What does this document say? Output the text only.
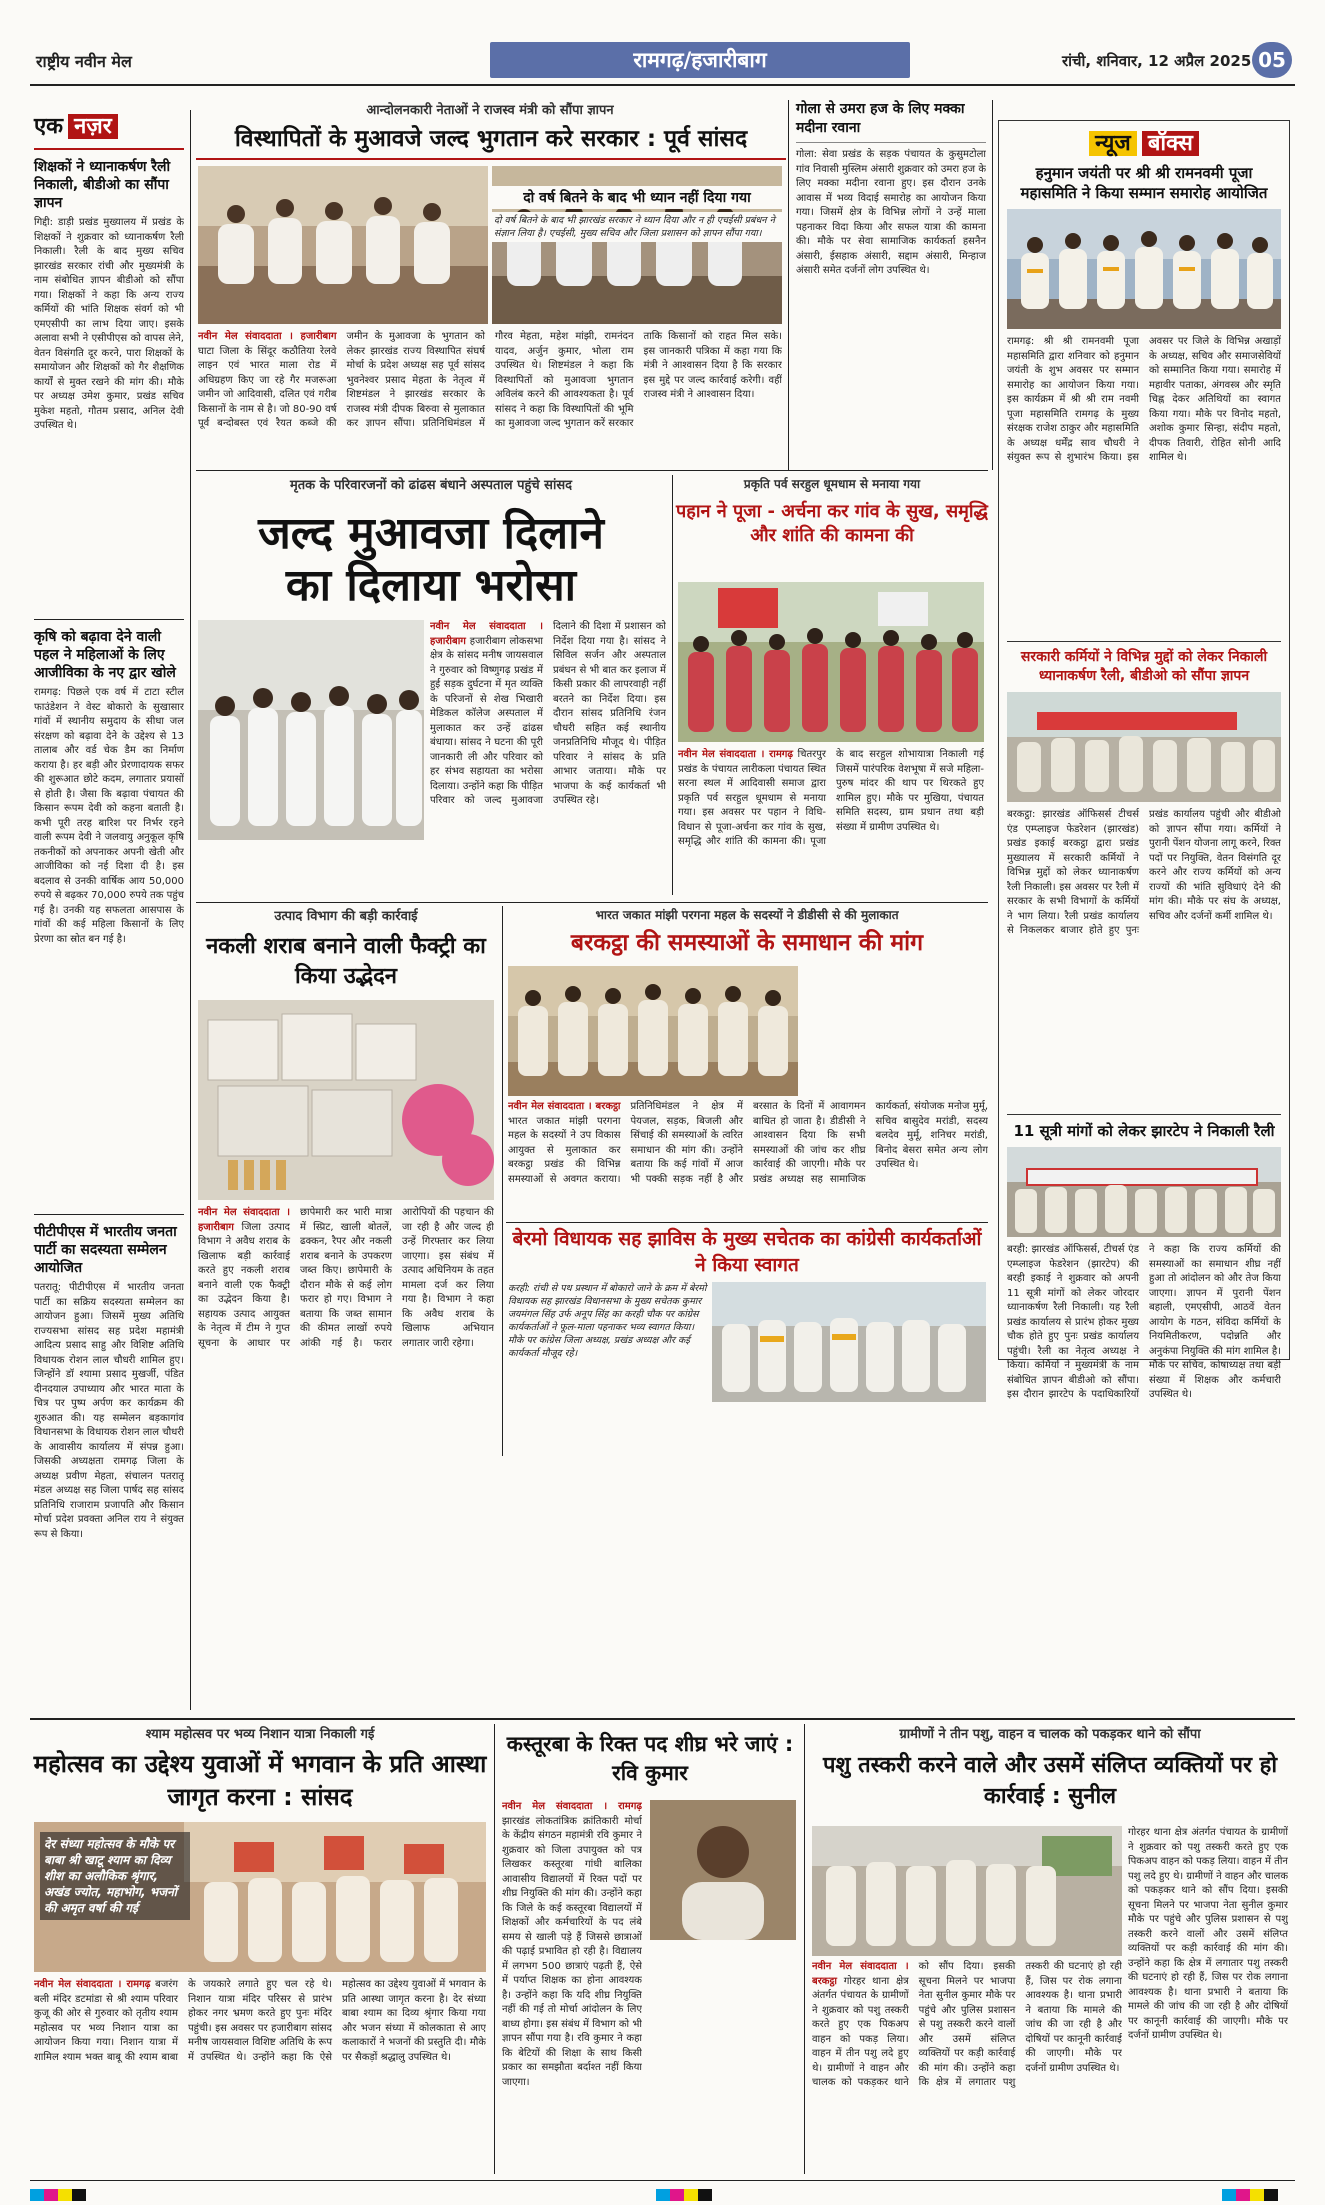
राष्ट्रीय नवीन मेल	रामगढ़/हजारीबाग	रांची, शनिवार, 12 अप्रैल 2025 05
एक नज़र
शिक्षकों ने ध्यानाकर्षण रैली निकाली, बीडीओ का सौंपा ज्ञापन
गिद्दी: डाड़ी प्रखंड मुख्यालय में प्रखंड के शिक्षकों ने शुक्रवार को ध्यानाकर्षण रैली निकाली। रैली के बाद मुख्य सचिव झारखंड सरकार रांची और मुख्यमंत्री के नाम संबोधित ज्ञापन बीडीओ को सौंपा गया। शिक्षकों ने कहा कि अन्य राज्य कर्मियों की भांति शिक्षक संवर्ग को भी एमएसीपी का लाभ दिया जाए। इसके अलावा सभी ने एसीपीएस को वापस लेने, वेतन विसंगति दूर करने, पारा शिक्षकों के समायोजन और शिक्षकों को गैर शैक्षणिक कार्यों से मुक्त रखने की मांग की। मौके पर अध्यक्ष उमेश कुमार, प्रखंड सचिव मुकेश महतो, गौतम प्रसाद, अनिल देवी उपस्थित थे।
कृषि को बढ़ावा देने वाली पहल ने महिलाओं के लिए आजीविका के नए द्वार खोले
रामगढ़: पिछले एक वर्ष में टाटा स्टील फाउंडेशन ने वेस्ट बोकारो के सुखासार गांवों में स्थानीय समुदाय के सीधा जल संरक्षण को बढ़ावा देने के उद्देश्य से 13 तालाब और वर्ड चेक डैम का निर्माण कराया है। हर बड़ी और प्रेरणादायक सफर की शुरूआत छोटे कदम, लगातार प्रयासों से होती है। जैसा कि बढ़ावा पंचायत की किसान रूपम देवी को कहना बताती है। कभी पूरी तरह बारिश पर निर्भर रहने वाली रूपम देवी ने जलवायु अनुकूल कृषि तकनीकों को अपनाकर अपनी खेती और आजीविका को नई दिशा दी है। इस बदलाव से उनकी वार्षिक आय 50,000 रुपये से बढ़कर 70,000 रुपये तक पहुंच गई है। उनकी यह सफलता आसपास के गांवों की कई महिला किसानों के लिए प्रेरणा का स्रोत बन गई है।
पीटीपीएस में भारतीय जनता पार्टी का सदस्यता सम्मेलन आयोजित
पतरातू: पीटीपीएस में भारतीय जनता पार्टी का सक्रिय सदस्यता सम्मेलन का आयोजन हुआ। जिसमें मुख्य अतिथि राज्यसभा सांसद सह प्रदेश महामंत्री आदित्य प्रसाद साहु और विशिष्ट अतिथि विधायक रोशन लाल चौधरी शामिल हुए। जिन्होंने डॉ श्यामा प्रसाद मुखर्जी, पंडित दीनदयाल उपाध्याय और भारत माता के चित्र पर पुष्प अर्पण कर कार्यक्रम की शुरुआत की। यह सम्मेलन बड़कागांव विधानसभा के विधायक रोशन लाल चौधरी के आवासीय कार्यालय में संपन्न हुआ। जिसकी अध्यक्षता रामगढ़ जिला के अध्यक्ष प्रवीण मेहता, संचालन पतरातू मंडल अध्यक्ष सह जिला पार्षद सह सांसद प्रतिनिधि राजाराम प्रजापति और किसान मोर्चा प्रदेश प्रवक्ता अनिल राय ने संयुक्त रूप से किया।
आन्दोलनकारी नेताओं ने राजस्व मंत्री को सौंपा ज्ञापन
विस्थापितों के मुआवजे जल्द भुगतान करे सरकार : पूर्व सांसद
दो वर्ष बितने के बाद भी ध्यान नहीं दिया गया
दो वर्ष बितने के बाद भी झारखंड सरकार ने ध्यान दिया और न ही एचईसी प्रबंधन ने संज्ञान लिया है। एचईसी, मुख्य सचिव और जिला प्रशासन को ज्ञापन सौंपा गया।
नवीन मेल संवाददाता । हजारीबाग घाटा जिला के सिंदूर कठौतिया रेलवे लाइन एवं भारत माला रोड में अधिग्रहण किए जा रहे गैर मजरूआ जमीन जो आदिवासी, दलित एवं गरीब किसानों के नाम से है। जो 80-90 वर्ष पूर्व बन्दोबस्त एवं रैयत कब्जे की जमीन के मुआवजा के भुगतान को लेकर झारखंड राज्य विस्थापित संघर्ष मोर्चा के प्रदेश अध्यक्ष सह पूर्व सांसद भुवनेश्वर प्रसाद मेहता के नेतृत्व में शिष्टमंडल ने झारखंड सरकार के राजस्व मंत्री दीपक बिरुवा से मुलाकात कर ज्ञापन सौंपा। प्रतिनिधिमंडल में गौरव मेहता, महेश मांझी, रामनंदन यादव, अर्जुन कुमार, भोला राम उपस्थित थे। शिष्टमंडल ने कहा कि विस्थापितों को मुआवजा भुगतान अविलंब करने की आवश्यकता है। पूर्व सांसद ने कहा कि विस्थापितों की भूमि का मुआवजा जल्द भुगतान करें सरकार ताकि किसानों को राहत मिल सके। इस जानकारी पत्रिका में कहा गया कि मंत्री ने आश्वासन दिया है कि सरकार इस मुद्दे पर जल्द कार्रवाई करेगी। वहीं राजस्व मंत्री ने आश्वासन दिया।
गोला से उमरा हज के लिए मक्का मदीना रवाना
गोला: सेवा प्रखंड के सड़क पंचायत के कुसुमटोला गांव निवासी मुस्लिम अंसारी शुक्रवार को उमरा हज के लिए मक्का मदीना रवाना हुए। इस दौरान उनके आवास में भव्य विदाई समारोह का आयोजन किया गया। जिसमें क्षेत्र के विभिन्न लोगों ने उन्हें माला पहनाकर विदा किया और सफल यात्रा की कामना की। मौके पर सेवा सामाजिक कार्यकर्ता हसनैन अंसारी, ईसहाक अंसारी, सद्दाम अंसारी, मिन्हाज अंसारी समेत दर्जनों लोग उपस्थित थे।
न्यूज बॉक्स
हनुमान जयंती पर श्री श्री रामनवमी पूजा महासमिति ने किया सम्मान समारोह आयोजित
रामगढ़: श्री श्री रामनवमी पूजा महासमिति द्वारा शनिवार को हनुमान जयंती के शुभ अवसर पर सम्मान समारोह का आयोजन किया गया। इस कार्यक्रम में श्री श्री राम नवमी पूजा महासमिति रामगढ़ के मुख्य संरक्षक राजेश ठाकुर और महासमिति के अध्यक्ष धर्मेंद्र साव चौधरी ने संयुक्त रूप से शुभारंभ किया। इस अवसर पर जिले के विभिन्न अखाड़ों के अध्यक्ष, सचिव और समाजसेवियों को सम्मानित किया गया। समारोह में महावीर पताका, अंगवस्त्र और स्मृति चिह्न देकर अतिथियों का स्वागत किया गया। मौके पर विनोद महतो, अशोक कुमार सिन्हा, संदीप महतो, दीपक तिवारी, रोहित सोनी आदि शामिल थे।
सरकारी कर्मियों ने विभिन्न मुद्दों को लेकर निकाली ध्यानाकर्षण रैली, बीडीओ को सौंपा ज्ञापन
बरकट्ठा: झारखंड ऑफिसर्स टीचर्स एंड एम्प्लाइज फेडरेशन (झारखंड) प्रखंड इकाई बरकट्ठा द्वारा प्रखंड मुख्यालय में सरकारी कर्मियों ने विभिन्न मुद्दों को लेकर ध्यानाकर्षण रैली निकाली। इस अवसर पर रैली में सरकार के सभी विभागों के कर्मियों ने भाग लिया। रैली प्रखंड कार्यालय से निकलकर बाजार होते हुए पुनः प्रखंड कार्यालय पहुंची और बीडीओ को ज्ञापन सौंपा गया। कर्मियों ने पुरानी पेंशन योजना लागू करने, रिक्त पदों पर नियुक्ति, वेतन विसंगति दूर करने और राज्य कर्मियों को अन्य राज्यों की भांति सुविधाएं देने की मांग की। मौके पर संघ के अध्यक्ष, सचिव और दर्जनों कर्मी शामिल थे।
11 सूत्री मांगों को लेकर झारटेप ने निकाली रैली
बरही: झारखंड ऑफिसर्स, टीचर्स एंड एम्प्लाइज फेडरेशन (झारटेप) की बरही इकाई ने शुक्रवार को अपनी 11 सूत्री मांगों को लेकर जोरदार ध्यानाकर्षण रैली निकाली। यह रैली प्रखंड कार्यालय से प्रारंभ होकर मुख्य चौक होते हुए पुनः प्रखंड कार्यालय पहुंची। रैली का नेतृत्व अध्यक्ष ने किया। कर्मियों ने मुख्यमंत्री के नाम संबोधित ज्ञापन बीडीओ को सौंपा। इस दौरान झारटेप के पदाधिकारियों ने कहा कि राज्य कर्मियों की समस्याओं का समाधान शीघ्र नहीं हुआ तो आंदोलन को और तेज किया जाएगा। ज्ञापन में पुरानी पेंशन बहाली, एमएसीपी, आठवें वेतन आयोग के गठन, संविदा कर्मियों के नियमितीकरण, पदोन्नति और अनुकंपा नियुक्ति की मांग शामिल है। मौके पर सचिव, कोषाध्यक्ष तथा बड़ी संख्या में शिक्षक और कर्मचारी उपस्थित थे।
मृतक के परिवारजनों को ढांढस बंधाने अस्पताल पहुंचे सांसद
जल्द मुआवजा दिलाने
का दिलाया भरोसा
नवीन मेल संवाददाता । हजारीबाग हजारीबाग लोकसभा क्षेत्र के सांसद मनीष जायसवाल ने गुरुवार को विष्णुगढ़ प्रखंड में हुई सड़क दुर्घटना में मृत व्यक्ति के परिजनों से शेख भिखारी मेडिकल कॉलेज अस्पताल में मुलाकात कर उन्हें ढांढस बंधाया। सांसद ने घटना की पूरी जानकारी ली और परिवार को हर संभव सहायता का भरोसा दिलाया। उन्होंने कहा कि पीड़ित परिवार को जल्द मुआवजा दिलाने की दिशा में प्रशासन को निर्देश दिया गया है। सांसद ने सिविल सर्जन और अस्पताल प्रबंधन से भी बात कर इलाज में किसी प्रकार की लापरवाही नहीं बरतने का निर्देश दिया। इस दौरान सांसद प्रतिनिधि रंजन चौधरी सहित कई स्थानीय जनप्रतिनिधि मौजूद थे। पीड़ित परिवार ने सांसद के प्रति आभार जताया। मौके पर भाजपा के कई कार्यकर्ता भी उपस्थित रहे।
प्रकृति पर्व सरहुल धूमधाम से मनाया गया
पहान ने पूजा - अर्चना कर गांव के सुख, समृद्धि और शांति की कामना की
नवीन मेल संवाददाता । रामगढ़ चितरपुर प्रखंड के पंचायत लारीकला पंचायत स्थित सरना स्थल में आदिवासी समाज द्वारा प्रकृति पर्व सरहुल धूमधाम से मनाया गया। इस अवसर पर पहान ने विधि-विधान से पूजा-अर्चना कर गांव के सुख, समृद्धि और शांति की कामना की। पूजा के बाद सरहुल शोभायात्रा निकाली गई जिसमें पारंपरिक वेशभूषा में सजे महिला-पुरुष मांदर की थाप पर थिरकते हुए शामिल हुए। मौके पर मुखिया, पंचायत समिति सदस्य, ग्राम प्रधान तथा बड़ी संख्या में ग्रामीण उपस्थित थे।
उत्पाद विभाग की बड़ी कार्रवाई
नकली शराब बनाने वाली फैक्ट्री का किया उद्भेदन
नवीन मेल संवाददाता । हजारीबाग जिला उत्पाद विभाग ने अवैध शराब के खिलाफ बड़ी कार्रवाई करते हुए नकली शराब बनाने वाली एक फैक्ट्री का उद्भेदन किया है। सहायक उत्पाद आयुक्त के नेतृत्व में टीम ने गुप्त सूचना के आधार पर छापेमारी कर भारी मात्रा में स्प्रिट, खाली बोतलें, ढक्कन, रैपर और नकली शराब बनाने के उपकरण जब्त किए। छापेमारी के दौरान मौके से कई लोग फरार हो गए। विभाग ने बताया कि जब्त सामान की कीमत लाखों रुपये आंकी गई है। फरार आरोपियों की पहचान की जा रही है और जल्द ही उन्हें गिरफ्तार कर लिया जाएगा। इस संबंध में उत्पाद अधिनियम के तहत मामला दर्ज कर लिया गया है। विभाग ने कहा कि अवैध शराब के खिलाफ अभियान लगातार जारी रहेगा।
भारत जकात मांझी परगना महल के सदस्यों ने डीडीसी से की मुलाकात
बरकट्ठा की समस्याओं के समाधान की मांग
नवीन मेल संवाददाता । बरकट्ठा भारत जकात मांझी परगना महल के सदस्यों ने उप विकास आयुक्त से मुलाकात कर बरकट्ठा प्रखंड की विभिन्न समस्याओं से अवगत कराया। प्रतिनिधिमंडल ने क्षेत्र में पेयजल, सड़क, बिजली और सिंचाई की समस्याओं के त्वरित समाधान की मांग की। उन्होंने बताया कि कई गांवों में आज भी पक्की सड़क नहीं है और बरसात के दिनों में आवागमन बाधित हो जाता है। डीडीसी ने आश्वासन दिया कि सभी समस्याओं की जांच कर शीघ्र कार्रवाई की जाएगी। मौके पर प्रखंड अध्यक्ष सह सामाजिक कार्यकर्ता, संयोजक मनोज मुर्मू, सचिव बासुदेव मरांडी, सदस्य बलदेव मुर्मू, शनिचर मरांडी, बिनोद बेसरा समेत अन्य लोग उपस्थित थे।
बेरमो विधायक सह झाविस के मुख्य सचेतक का कांग्रेसी कार्यकर्ताओं ने किया स्वागत
करही: रांची से पथ प्रस्थान में बोकारो जाने के क्रम में बेरमो विधायक सह झारखंड विधानसभा के मुख्य सचेतक कुमार जयमंगल सिंह उर्फ अनूप सिंह का करही चौक पर कांग्रेस कार्यकर्ताओं ने फूल-माला पहनाकर भव्य स्वागत किया। मौके पर कांग्रेस जिला अध्यक्ष, प्रखंड अध्यक्ष और कई कार्यकर्ता मौजूद रहे।
श्याम महोत्सव पर भव्य निशान यात्रा निकाली गई
महोत्सव का उद्देश्य युवाओं में भगवान के प्रति आस्था जागृत करना : सांसद
देर संध्या महोत्सव के मौके पर बाबा श्री खाटू श्याम का दिव्य शीश का अलौकिक श्रृंगार, अखंड ज्योत, महाभोग, भजनों की अमृत वर्षा की गई
नवीन मेल संवाददाता । रामगढ़ बजरंग बली मंदिर डटमांडा से श्री श्याम परिवार कुजू की ओर से गुरुवार को तृतीय श्याम महोत्सव पर भव्य निशान यात्रा का आयोजन किया गया। निशान यात्रा में शामिल श्याम भक्त बाबू की श्याम बाबा के जयकारे लगाते हुए चल रहे थे। निशान यात्रा मंदिर परिसर से प्रारंभ होकर नगर भ्रमण करते हुए पुनः मंदिर पहुंची। इस अवसर पर हजारीबाग सांसद मनीष जायसवाल विशिष्ट अतिथि के रूप में उपस्थित थे। उन्होंने कहा कि ऐसे महोत्सव का उद्देश्य युवाओं में भगवान के प्रति आस्था जागृत करना है। देर संध्या बाबा श्याम का दिव्य श्रृंगार किया गया और भजन संध्या में कोलकाता से आए कलाकारों ने भजनों की प्रस्तुति दी। मौके पर सैकड़ों श्रद्धालु उपस्थित थे।
कस्तूरबा के रिक्त पद शीघ्र भरे जाएं : रवि कुमार
नवीन मेल संवाददाता । रामगढ़ झारखंड लोकतांत्रिक क्रांतिकारी मोर्चा के केंद्रीय संगठन महामंत्री रवि कुमार ने शुक्रवार को जिला उपायुक्त को पत्र लिखकर कस्तूरबा गांधी बालिका आवासीय विद्यालयों में रिक्त पदों पर शीघ्र नियुक्ति की मांग की। उन्होंने कहा कि जिले के कई कस्तूरबा विद्यालयों में शिक्षकों और कर्मचारियों के पद लंबे समय से खाली पड़े हैं जिससे छात्राओं की पढ़ाई प्रभावित हो रही है। विद्यालय में लगभग 500 छात्राएं पढ़ती हैं, ऐसे में पर्याप्त शिक्षक का होना आवश्यक है। उन्होंने कहा कि यदि शीघ्र नियुक्ति नहीं की गई तो मोर्चा आंदोलन के लिए बाध्य होगा। इस संबंध में विभाग को भी ज्ञापन सौंपा गया है। रवि कुमार ने कहा कि बेटियों की शिक्षा के साथ किसी प्रकार का समझौता बर्दाश्त नहीं किया जाएगा।
ग्रामीणों ने तीन पशु, वाहन व चालक को पकड़कर थाने को सौंपा
पशु तस्करी करने वाले और उसमें संलिप्त व्यक्तियों पर हो कार्रवाई : सुनील
नवीन मेल संवाददाता । बरकट्ठा गोरहर थाना क्षेत्र अंतर्गत पंचायत के ग्रामीणों ने शुक्रवार को पशु तस्करी करते हुए एक पिकअप वाहन को पकड़ लिया। वाहन में तीन पशु लदे हुए थे। ग्रामीणों ने वाहन और चालक को पकड़कर थाने को सौंप दिया। इसकी सूचना मिलने पर भाजपा नेता सुनील कुमार मौके पर पहुंचे और पुलिस प्रशासन से पशु तस्करी करने वालों और उसमें संलिप्त व्यक्तियों पर कड़ी कार्रवाई की मांग की। उन्होंने कहा कि क्षेत्र में लगातार पशु तस्करी की घटनाएं हो रही हैं, जिस पर रोक लगाना आवश्यक है। थाना प्रभारी ने बताया कि मामले की जांच की जा रही है और दोषियों पर कानूनी कार्रवाई की जाएगी। मौके पर दर्जनों ग्रामीण उपस्थित थे।
गोरहर थाना क्षेत्र अंतर्गत पंचायत के ग्रामीणों ने शुक्रवार को पशु तस्करी करते हुए एक पिकअप वाहन को पकड़ लिया। वाहन में तीन पशु लदे हुए थे। ग्रामीणों ने वाहन और चालक को पकड़कर थाने को सौंप दिया। इसकी सूचना मिलने पर भाजपा नेता सुनील कुमार मौके पर पहुंचे और पुलिस प्रशासन से पशु तस्करी करने वालों और उसमें संलिप्त व्यक्तियों पर कड़ी कार्रवाई की मांग की। उन्होंने कहा कि क्षेत्र में लगातार पशु तस्करी की घटनाएं हो रही हैं, जिस पर रोक लगाना आवश्यक है। थाना प्रभारी ने बताया कि मामले की जांच की जा रही है और दोषियों पर कानूनी कार्रवाई की जाएगी। मौके पर दर्जनों ग्रामीण उपस्थित थे।
